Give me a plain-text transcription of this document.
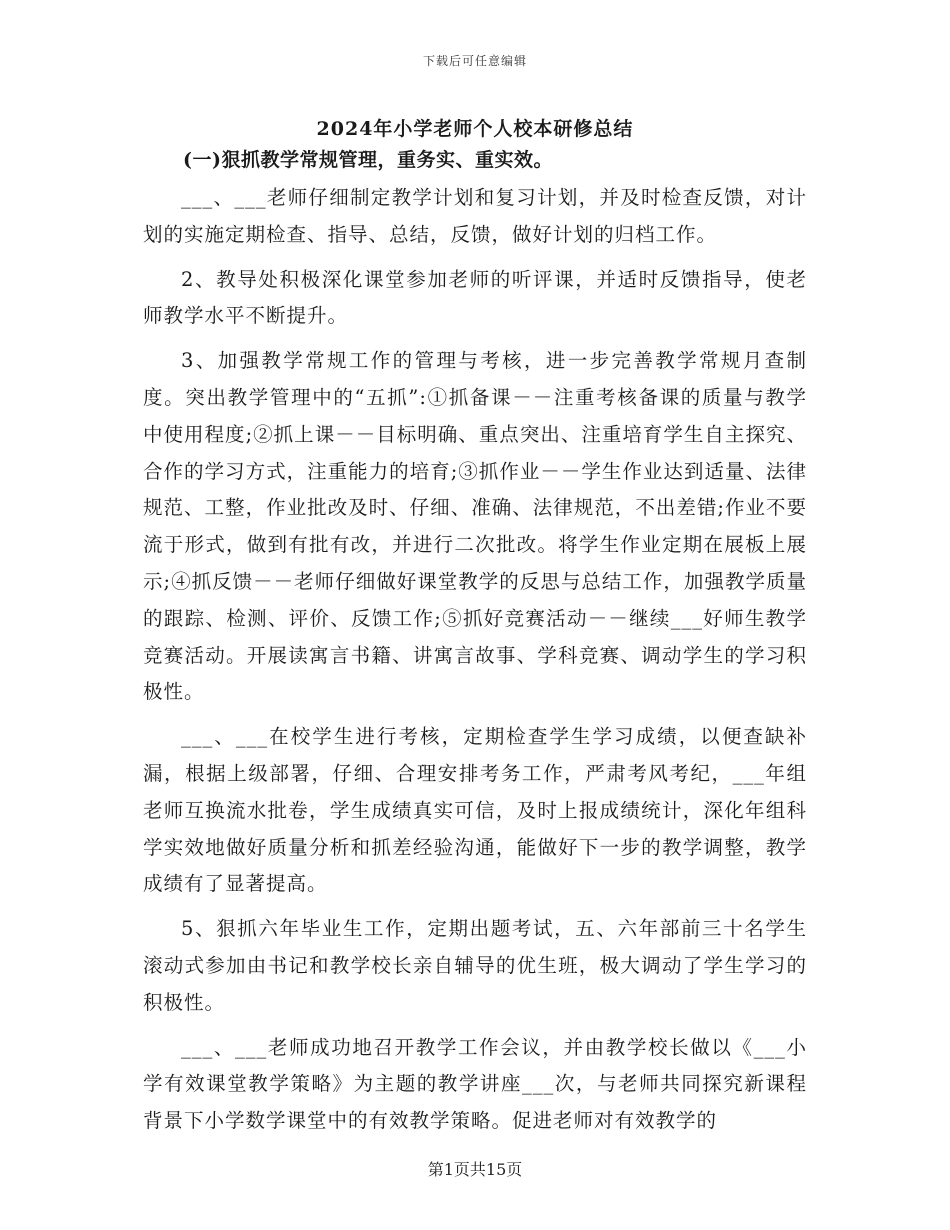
下载后可任意编辑
2024年小学老师个人校本研修总结
(一)狠抓教学常规管理，重务实、重实效。

___、___老师仔细制定教学计划和复习计划，并及时检查反馈，对计划的实施定期检查、指导、总结，反馈，做好计划的归档工作。

2、教导处积极深化课堂参加老师的听评课，并适时反馈指导，使老师教学水平不断提升。

3、加强教学常规工作的管理与考核，进一步完善教学常规月查制度。突出教学管理中的“五抓”:①抓备课－－注重考核备课的质量与教学中使用程度;②抓上课－－目标明确、重点突出、注重培育学生自主探究、合作的学习方式，注重能力的培育;③抓作业－－学生作业达到适量、法律规范、工整，作业批改及时、仔细、准确、法律规范，不出差错;作业不要流于形式，做到有批有改，并进行二次批改。将学生作业定期在展板上展示;④抓反馈－－老师仔细做好课堂教学的反思与总结工作，加强教学质量的跟踪、检测、评价、反馈工作;⑤抓好竞赛活动－－继续___好师生教学竞赛活动。开展读寓言书籍、讲寓言故事、学科竞赛、调动学生的学习积极性。

___、___在校学生进行考核，定期检查学生学习成绩，以便查缺补漏，根据上级部署，仔细、合理安排考务工作，严肃考风考纪，___年组老师互换流水批卷，学生成绩真实可信，及时上报成绩统计，深化年组科学实效地做好质量分析和抓差经验沟通，能做好下一步的教学调整，教学成绩有了显著提高。

5、狠抓六年毕业生工作，定期出题考试，五、六年部前三十名学生滚动式参加由书记和教学校长亲自辅导的优生班，极大调动了学生学习的积极性。

___、___老师成功地召开教学工作会议，并由教学校长做以《___小学有效课堂教学策略》为主题的教学讲座___次，与老师共同探究新课程背景下小学数学课堂中的有效教学策略。促进老师对有效教学的

第1页共15页
